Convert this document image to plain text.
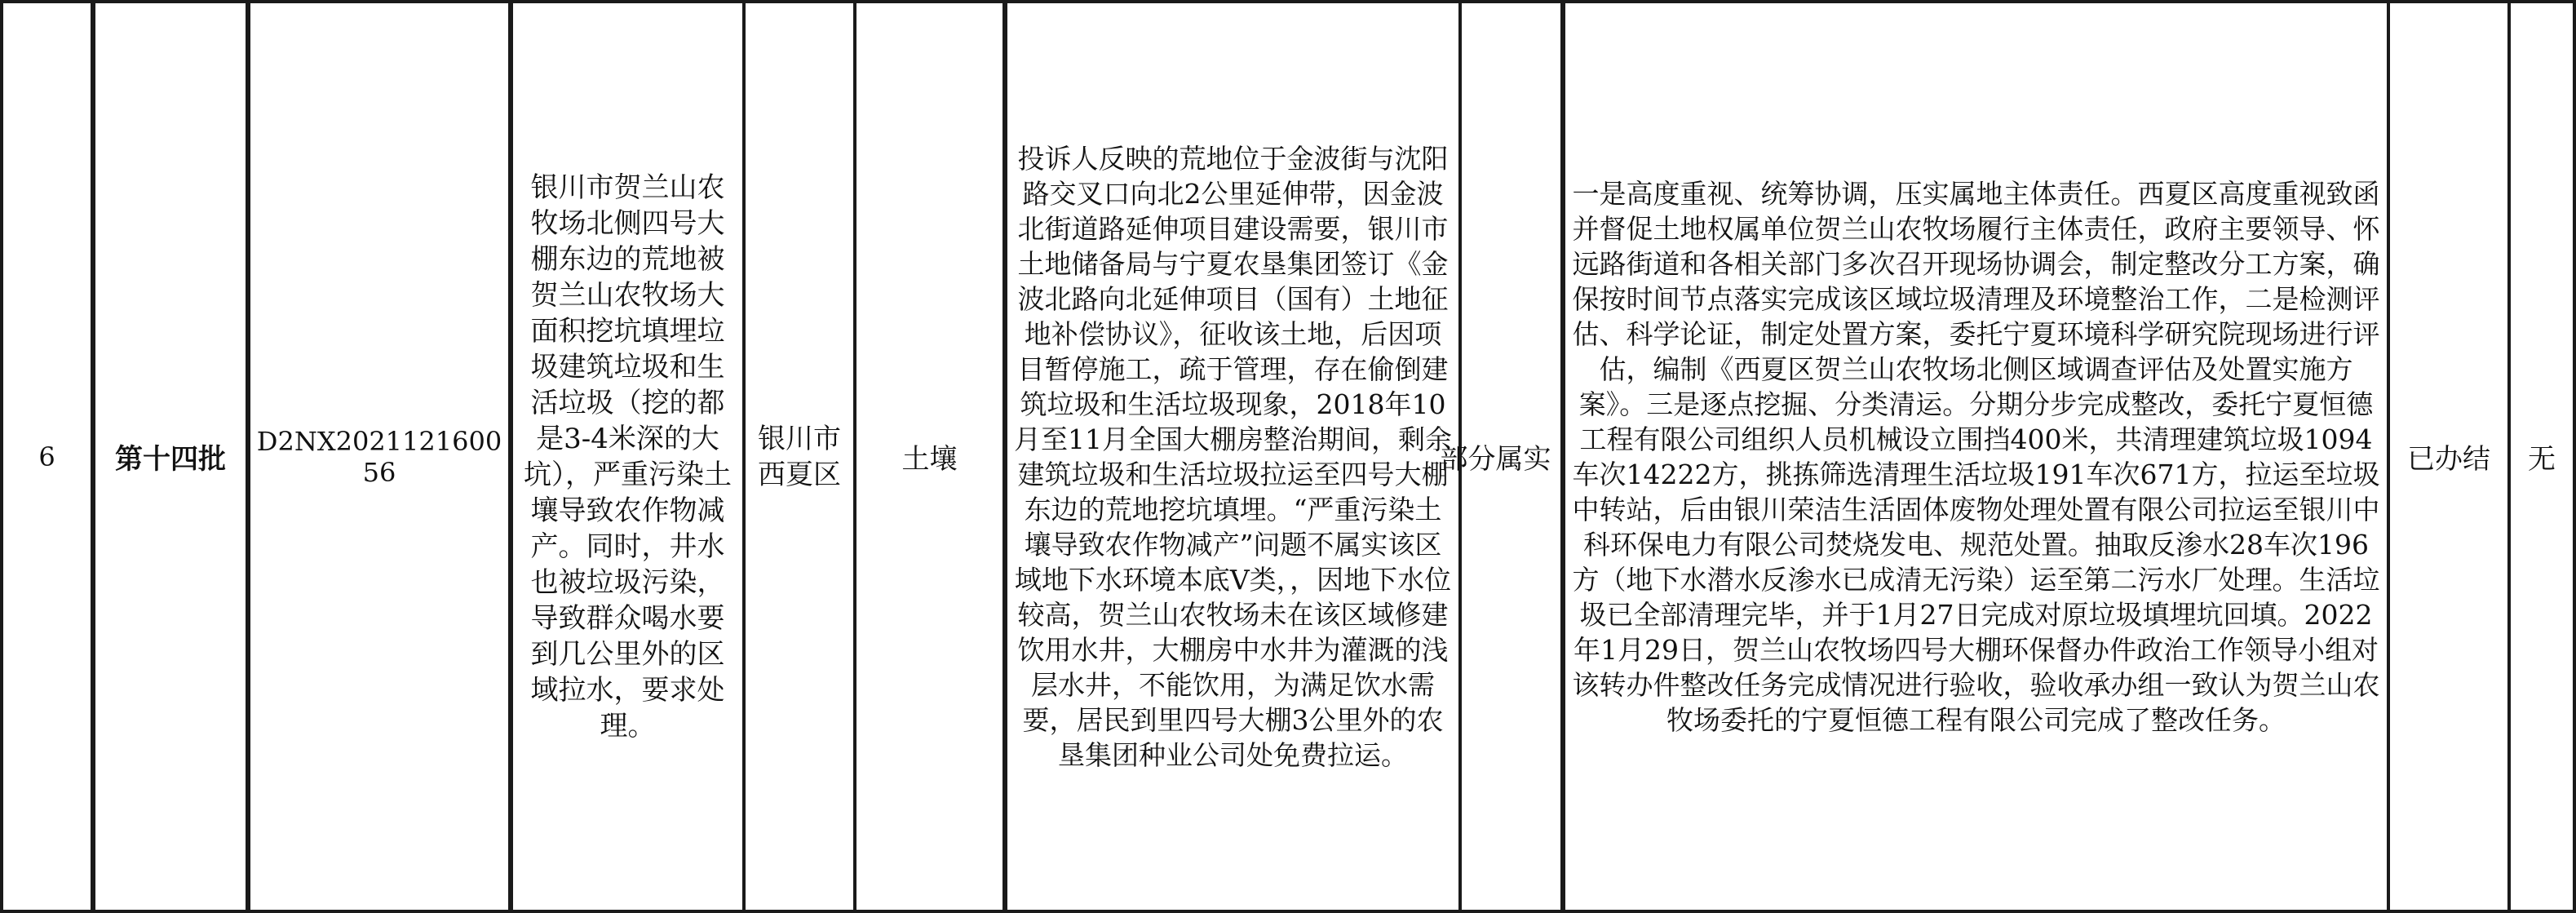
6	第十四批	D2NX202112160056	银川市贺兰山农牧场北侧四号大棚东边的荒地被贺兰山农牧场大面积挖坑填埋垃圾建筑垃圾和生活垃圾（挖的都是3-4米深的大坑），严重污染土壤导致农作物减产。同时，井水也被垃圾污染，导致群众喝水要到几公里外的区域拉水，要求处理。	银川市西夏区	土壤	投诉人反映的荒地位于金波街与沈阳路交叉口向北2公里延伸带，因金波北街道路延伸项目建设需要，银川市土地储备局与宁夏农垦集团签订《金波北路向北延伸项目（国有）土地征地补偿协议》，征收该土地，后因项目暂停施工，疏于管理，存在偷倒建筑垃圾和生活垃圾现象，2018年10月至11月全国大棚房整治期间，剩余建筑垃圾和生活垃圾拉运至四号大棚东边的荒地挖坑填埋。“严重污染土壤导致农作物减产”问题不属实该区域地下水环境本底Ⅴ类，，因地下水位较高，贺兰山农牧场未在该区域修建饮用水井，大棚房中水井为灌溉的浅层水井，不能饮用，为满足饮水需要，居民到里四号大棚3公里外的农垦集团种业公司处免费拉运。	部分属实	一是高度重视、统筹协调，压实属地主体责任。西夏区高度重视致函并督促土地权属单位贺兰山农牧场履行主体责任，政府主要领导、怀远路街道和各相关部门多次召开现场协调会，制定整改分工方案，确保按时间节点落实完成该区域垃圾清理及环境整治工作，二是检测评估、科学论证，制定处置方案，委托宁夏环境科学研究院现场进行评估，编制《西夏区贺兰山农牧场北侧区域调查评估及处置实施方案》。三是逐点挖掘、分类清运。分期分步完成整改，委托宁夏恒德工程有限公司组织人员机械设立围挡400米，共清理建筑垃圾1094车次14222方，挑拣筛选清理生活垃圾191车次671方，拉运至垃圾中转站，后由银川荣洁生活固体废物处理处置有限公司拉运至银川中科环保电力有限公司焚烧发电、规范处置。抽取反渗水28车次196方（地下水潜水反渗水已成清无污染）运至第二污水厂处理。生活垃圾已全部清理完毕，并于1月27日完成对原垃圾填埋坑回填。2022年1月29日，贺兰山农牧场四号大棚环保督办件政治工作领导小组对该转办件整改任务完成情况进行验收，验收承办组一致认为贺兰山农牧场委托的宁夏恒德工程有限公司完成了整改任务。	已办结	无
